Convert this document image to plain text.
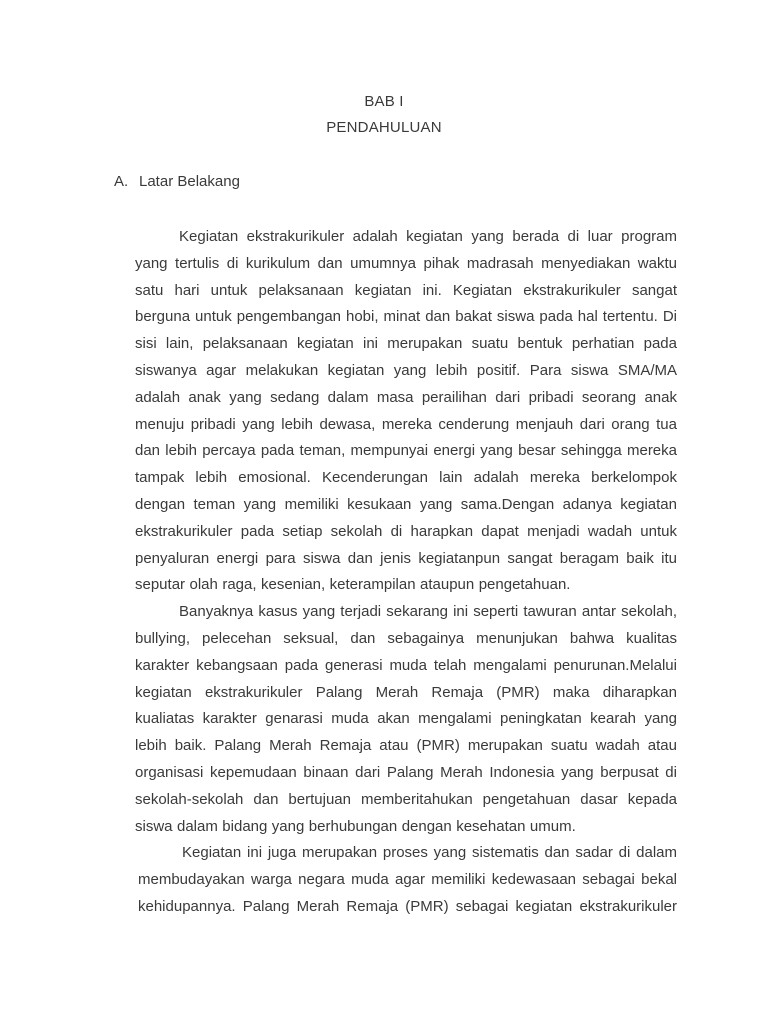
BAB I
PENDAHULUAN
A. Latar Belakang

Kegiatan ekstrakurikuler adalah kegiatan yang berada di luar program yang tertulis di kurikulum dan umumnya pihak madrasah menyediakan waktu satu hari untuk pelaksanaan kegiatan ini. Kegiatan ekstrakurikuler sangat berguna untuk pengembangan hobi, minat dan bakat siswa pada hal tertentu. Di sisi lain, pelaksanaan kegiatan ini merupakan suatu bentuk perhatian pada siswanya agar melakukan kegiatan yang lebih positif. Para siswa SMA/MA adalah anak yang sedang dalam masa perailihan dari pribadi seorang anak menuju pribadi yang lebih dewasa, mereka cenderung menjauh dari orang tua dan lebih percaya pada teman, mempunyai energi yang besar sehingga mereka tampak lebih emosional. Kecenderungan lain adalah mereka berkelompok dengan teman yang memiliki kesukaan yang sama.Dengan adanya kegiatan ekstrakurikuler pada setiap sekolah di harapkan dapat menjadi wadah untuk penyaluran energi para siswa dan jenis kegiatanpun sangat beragam baik itu seputar olah raga, kesenian, keterampilan ataupun pengetahuan.

Banyaknya kasus yang terjadi sekarang ini seperti tawuran antar sekolah, bullying, pelecehan seksual, dan sebagainya menunjukan bahwa kualitas karakter kebangsaan pada generasi muda telah mengalami penurunan.Melalui kegiatan ekstrakurikuler Palang Merah Remaja (PMR) maka diharapkan kualiatas karakter genarasi muda akan mengalami peningkatan kearah yang lebih baik. Palang Merah Remaja atau (PMR) merupakan suatu wadah atau organisasi kepemudaan binaan dari Palang Merah Indonesia yang berpusat di sekolah-sekolah dan bertujuan memberitahukan pengetahuan dasar kepada siswa dalam bidang yang berhubungan dengan kesehatan umum.

Kegiatan ini juga merupakan proses yang sistematis dan sadar di dalam membudayakan warga negara muda agar memiliki kedewasaan sebagai bekal kehidupannya. Palang Merah Remaja (PMR) sebagai kegiatan ekstrakurikuler
